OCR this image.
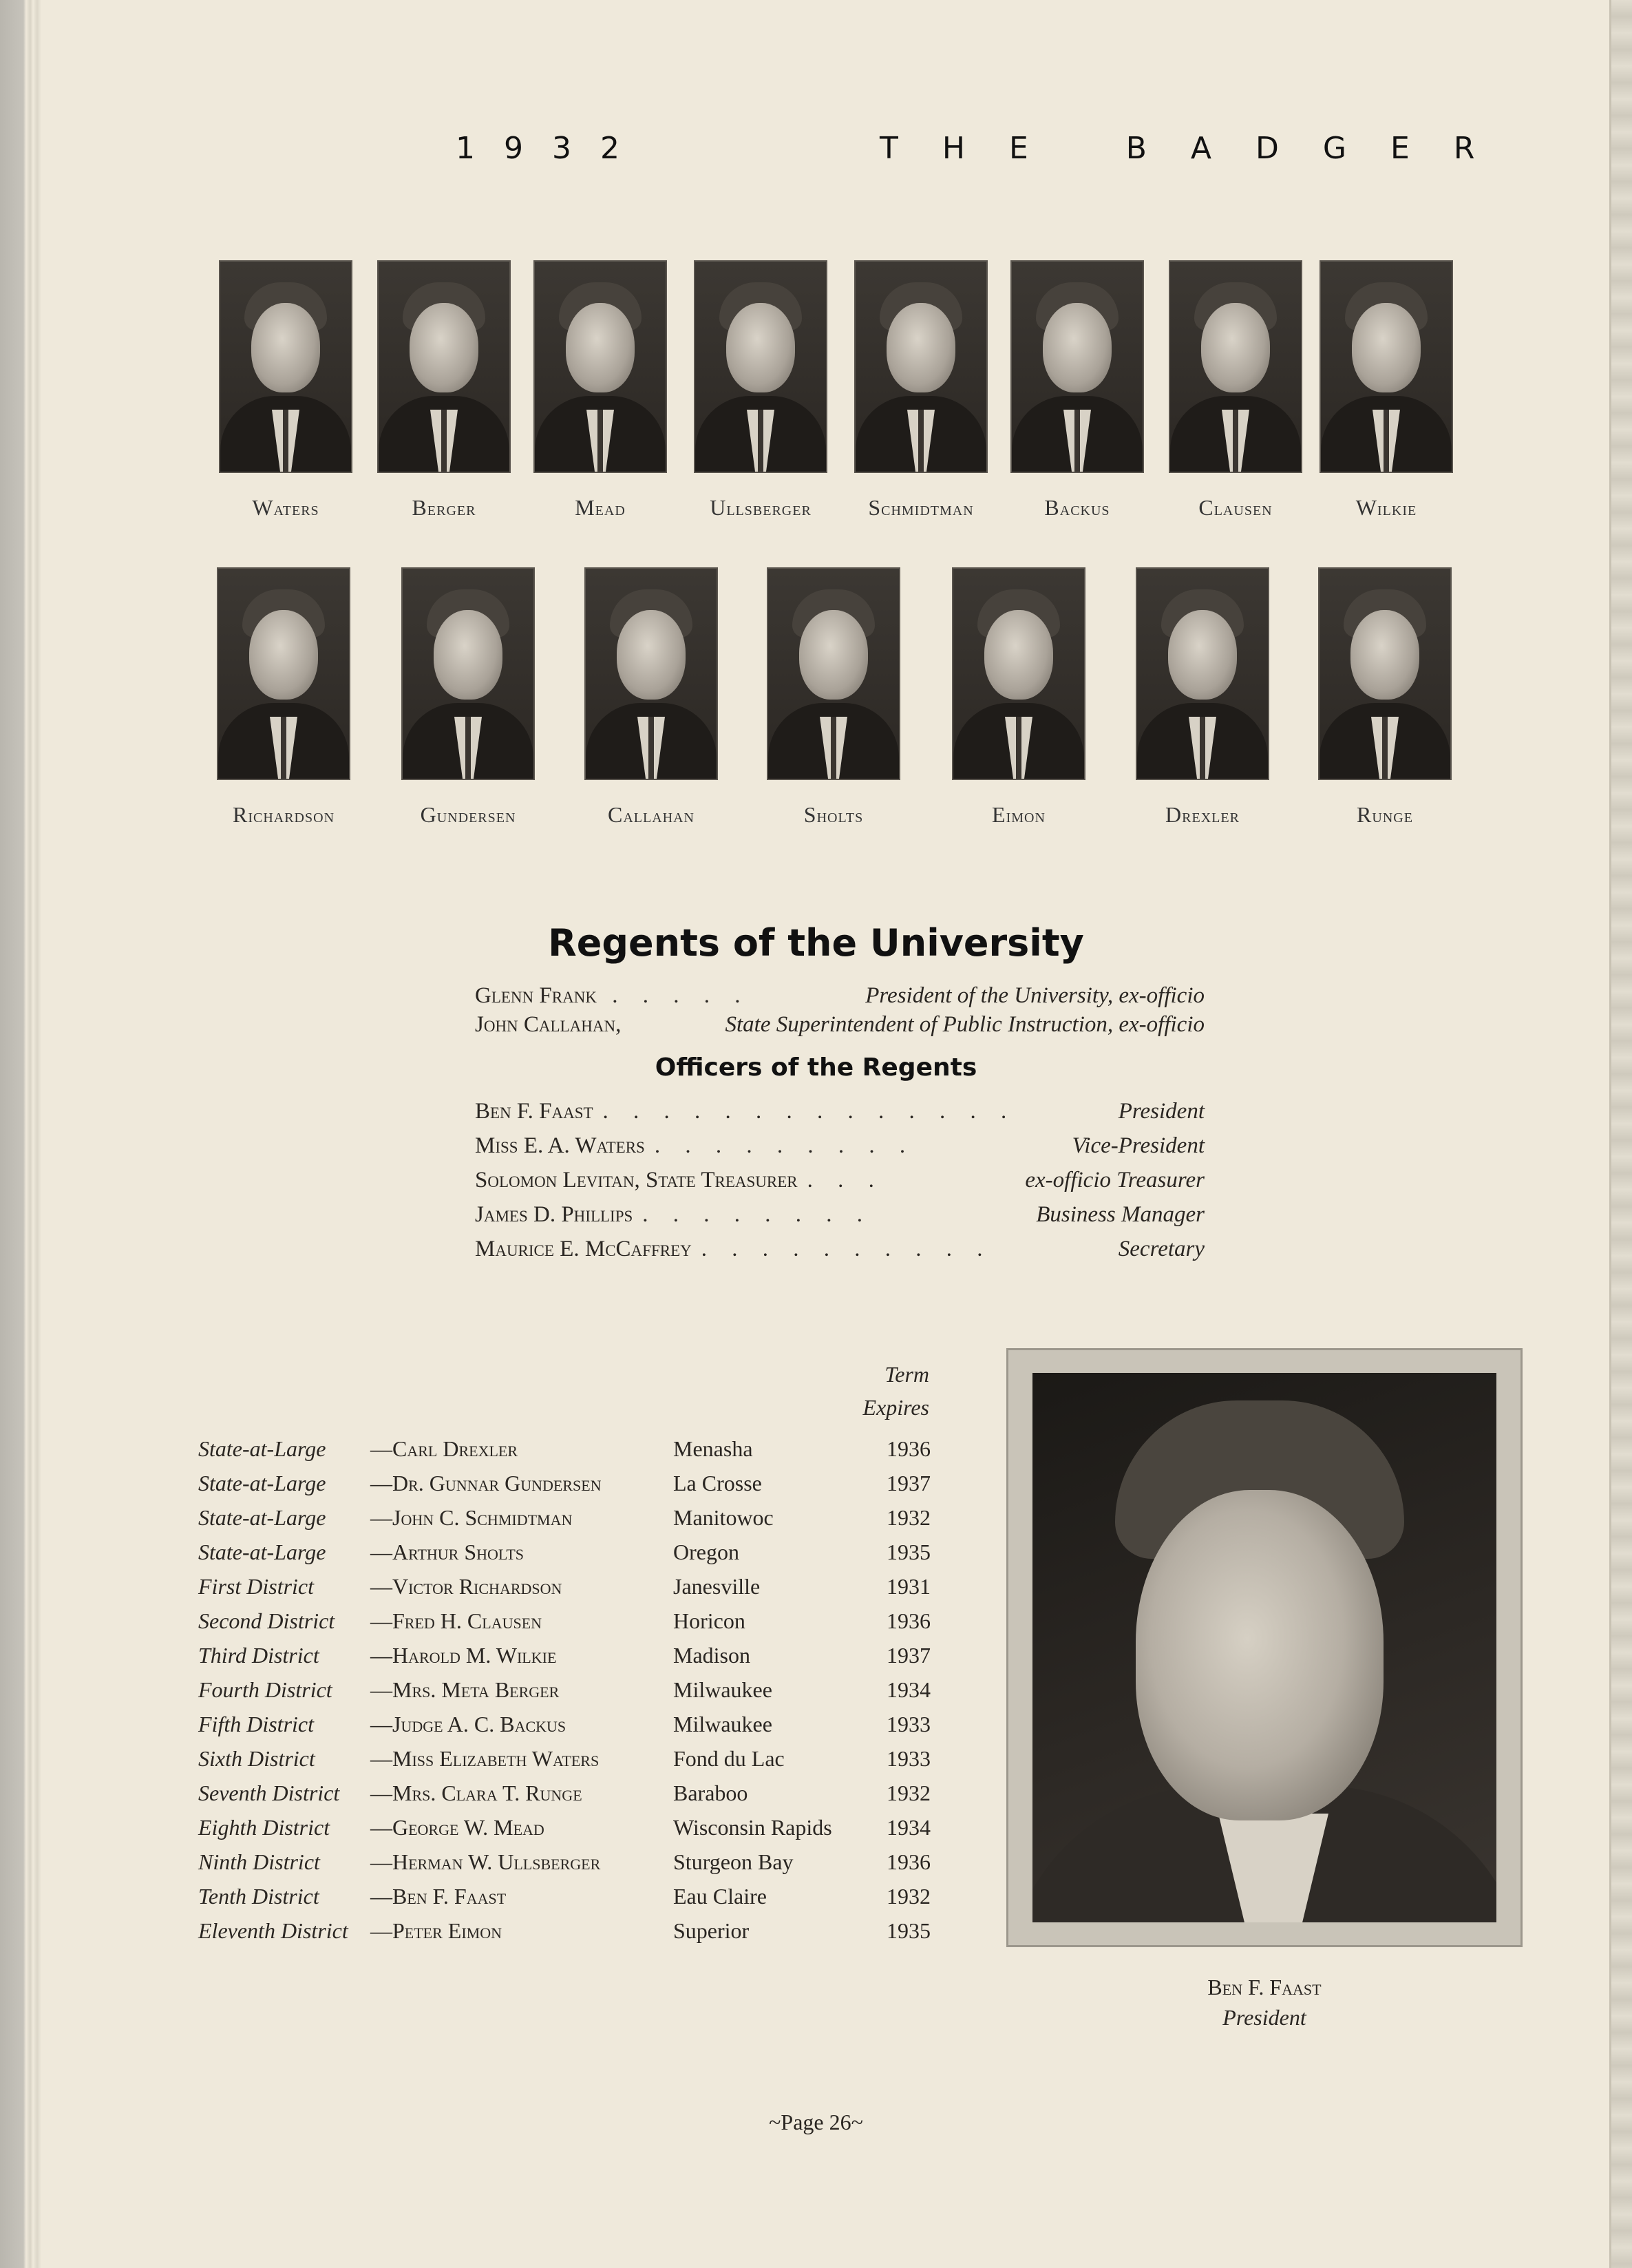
1932	THE BADGER
Waters	Berger	Mead	Ullsberger	Schmidtman	Backus	Clausen	Wilkie
Richardson	Gundersen	Callahan	Sholts	Eimon	Drexler	Runge
Regents of the University
Glenn Frank . . . . .	President of the University, ex-officio
John Callahan,	State Superintendent of Public Instruction, ex-officio
Officers of the Regents
Ben F. Faast . . . . . . . . . . . . . .	President
Miss E. A. Waters . . . . . . . . .	Vice-President
Solomon Levitan, State Treasurer . . .	ex-officio Treasurer
James D. Phillips . . . . . . . .	Business Manager
Maurice E. McCaffrey . . . . . . . . . .	Secretary
Term
Expires
State-at-Large —Carl Drexler	Menasha	1936
State-at-Large —Dr. Gunnar Gundersen	La Crosse	1937
State-at-Large —John C. Schmidtman	Manitowoc	1932
State-at-Large —Arthur Sholts	Oregon	1935
First District	—Victor Richardson	Janesville	1931
Second District —Fred H. Clausen	Horicon	1936
Third District —Harold M. Wilkie	Madison	1937
Fourth District —Mrs. Meta Berger	Milwaukee	1934
Fifth District	—Judge A. C. Backus	Milwaukee	1933
Sixth District	—Miss Elizabeth Waters	Fond du Lac	1933
Seventh District —Mrs. Clara T. Runge	Baraboo	1932
Eighth District —George W. Mead	Wisconsin Rapids 1934
Ninth District —Herman W. Ullsberger	Sturgeon Bay	1936
Tenth District —Ben F. Faast	Eau Claire	1932
Eleventh District —Peter Eimon	Superior	1935
Ben F. Faast
President
~Page 26~
